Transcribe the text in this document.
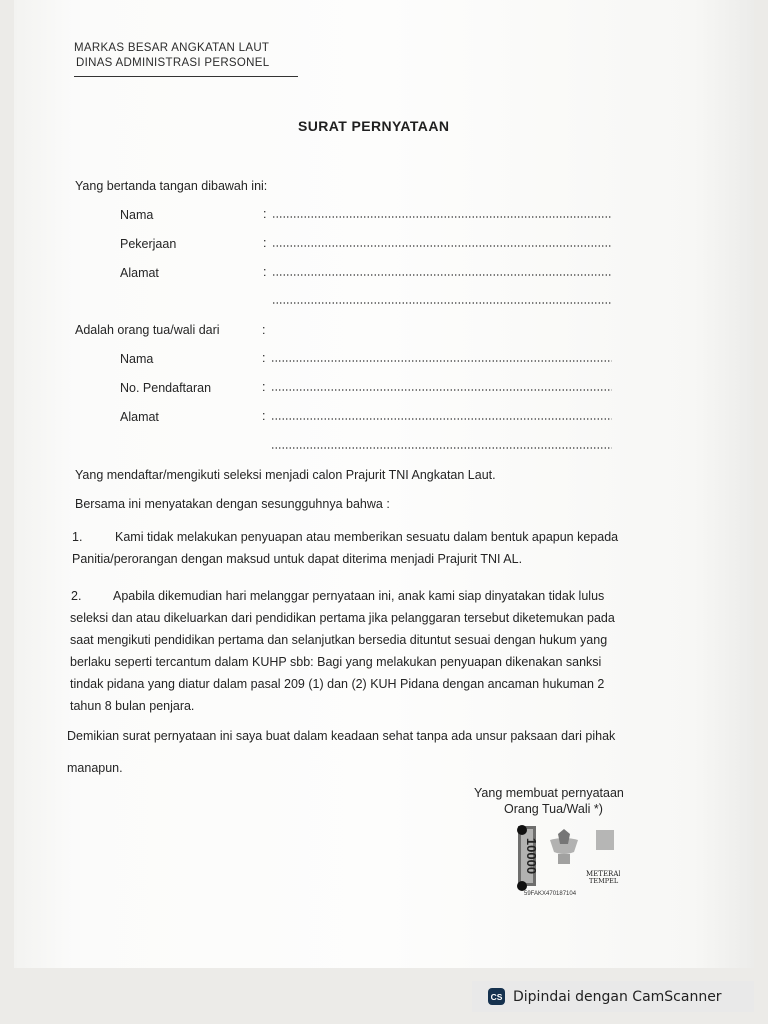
MARKAS BESAR ANGKATAN LAUT
DINAS ADMINISTRASI PERSONEL
SURAT PERNYATAAN
Yang bertanda tangan dibawah ini:
Nama	:
Pekerjaan	:
Alamat	:
Adalah orang tua/wali dari	:
Nama	:
No. Pendaftaran	:
Alamat	:
Yang mendaftar/mengikuti seleksi menjadi calon Prajurit TNI Angkatan Laut.
Bersama ini menyatakan dengan sesungguhnya bahwa :
1.	Kami tidak melakukan penyuapan atau memberikan sesuatu dalam bentuk apapun kepada
Panitia/perorangan dengan maksud untuk dapat diterima menjadi Prajurit TNI AL.
2.	Apabila dikemudian hari melanggar pernyataan ini, anak kami siap dinyatakan tidak lulus
seleksi dan atau dikeluarkan dari pendidikan pertama jika pelanggaran tersebut diketemukan pada
saat mengikuti pendidikan pertama dan selanjutkan bersedia dituntut sesuai dengan hukum yang
berlaku seperti tercantum dalam KUHP sbb: Bagi yang melakukan penyuapan dikenakan sanksi
tindak pidana yang diatur dalam pasal 209 (1) dan (2) KUH Pidana dengan ancaman hukuman 2
tahun 8 bulan penjara.
Demikian surat pernyataan ini saya buat dalam keadaan sehat tanpa ada unsur paksaan dari pihak
manapun.
Yang membuat pernyataan
Orang Tua/Wali *)
10000	METERAI
TEMPEL
59FAKX470187104
CS Dipindai dengan CamScanner
